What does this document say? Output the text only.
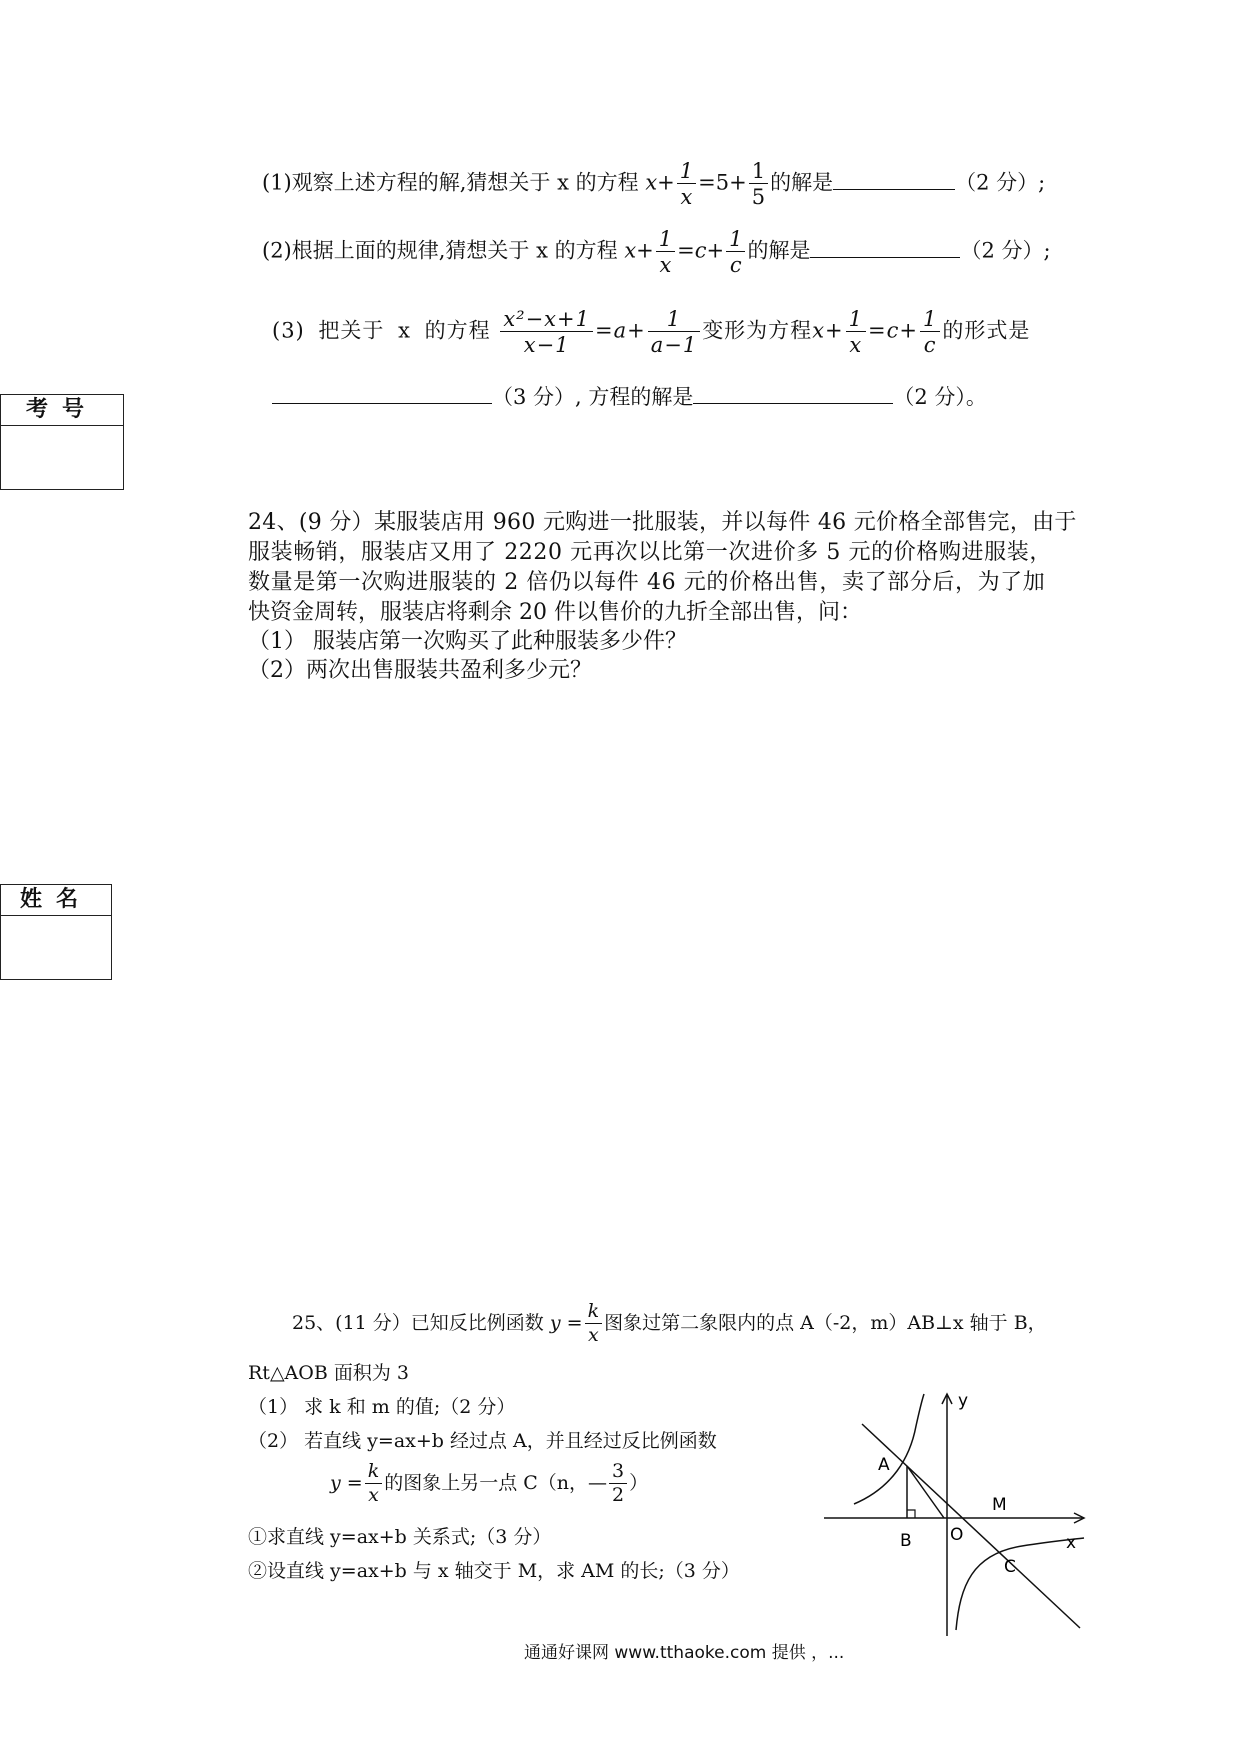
(1)观察上述方程的解,猜想关于 x 的方程 $x+ \frac{1}{x} =5+ \frac{1}{5}$ 的解是	（2 分）;
(2)根据上面的规律,猜想关于 x 的方程 $x+ \frac{1}{x} =c+ \frac{1}{c}$ 的解是	（2 分）;
(3) 把关于 x 的方程 $\frac{\text{x²−x+1}}{x-1} =a+ \frac{1}{a-1}$ 变形为方程$x+ \frac{1}{x} =c+ \frac{1}{c}$ 的形式是
（3 分）, 方程的解是	（2 分）。
考号
姓名
24、(9 分）某服装店用 960 元购进一批服装，并以每件 46 元价格全部售完，由于
服装畅销，服装店又用了 2220 元再次以比第一次进价多 5 元的价格购进服装，
数量是第一次购进服装的 2 倍仍以每件 46 元的价格出售，卖了部分后，为了加
快资金周转，服装店将剩余 20 件以售价的九折全部出售，问：
（1） 服装店第一次购买了此种服装多少件？
（2）两次出售服装共盈利多少元？
25、(11 分）已知反比例函数 $y = \frac{k}{x}$ 图象过第二象限内的点 A（-2，m）AB⊥x 轴于 B，
Rt△AOB 面积为 3
（1） 求 k 和 m 的值;（2 分）
（2） 若直线 y=ax+b 经过点 A，并且经过反比例函数
$y = \frac{k}{x}$ 的图象上另一点 C（n，— $\frac{3}{2}$ ）
①求直线 y=ax+b 关系式;（3 分）
②设直线 y=ax+b 与 x 轴交于 M，求 AM 的长;（3 分）
A
B O
M
C
x
y
通通好课网 www.tthaoke.com 提供 ，...
